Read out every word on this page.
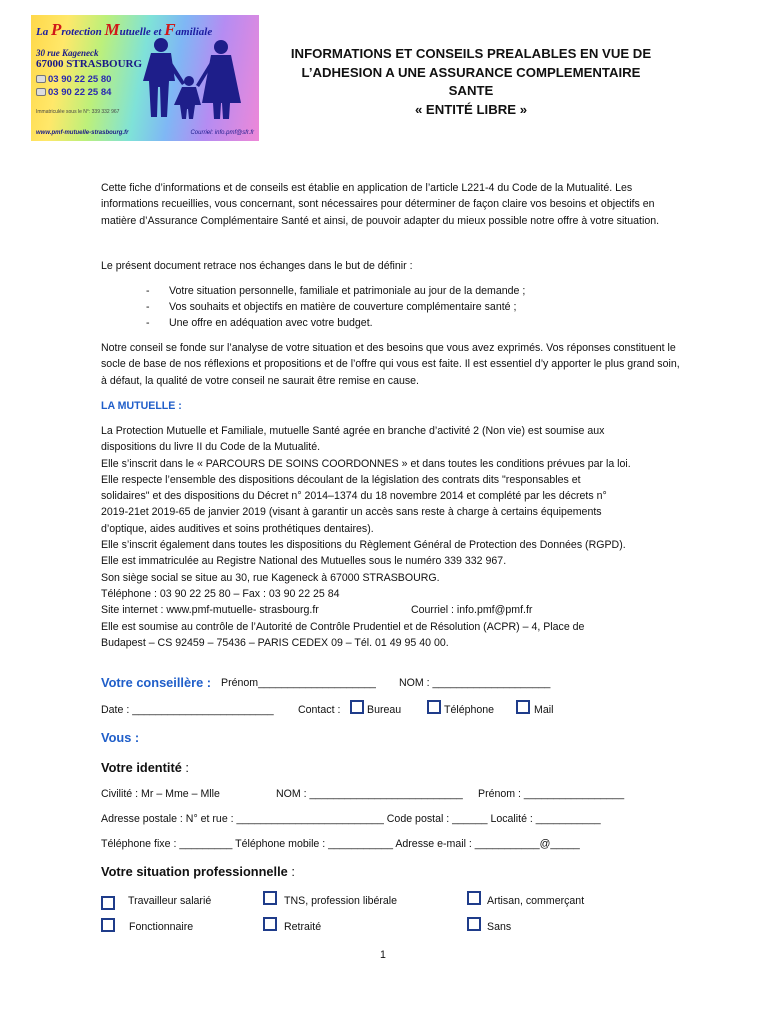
La Protection Mutuelle et Familiale
30 rue Kageneck
67000 STRASBOURG
03 90 22 25 80
03 90 22 25 84
Immatriculée sous le N°: 339 332 967
www.pmf-mutuelle-strasbourg.fr	Courriel: info.pmf@sfr.fr
INFORMATIONS ET CONSEILS PREALABLES EN VUE DE
L’ADHESION A UNE ASSURANCE COMPLEMENTAIRE
SANTE
« ENTITÉ LIBRE »
Cette fiche d’informations et de conseils est établie en application de l’article L221-4 du Code de la Mutualité. Les informations recueillies, vous concernant, sont nécessaires pour déterminer de façon claire vos besoins et objectifs en matière d’Assurance Complémentaire Santé et ainsi, de pouvoir adapter du mieux possible notre offre à votre situation.
Le présent document retrace nos échanges dans le but de définir :
- Votre situation personnelle, familiale et patrimoniale au jour de la demande ;
- Vos souhaits et objectifs en matière de couverture complémentaire santé ;
- Une offre en adéquation avec votre budget.
Notre conseil se fonde sur l’analyse de votre situation et des besoins que vous avez exprimés. Vos réponses constituent le socle de base de nos réflexions et propositions et de l’offre qui vous est faite. Il est essentiel d’y apporter le plus grand soin, à défaut, la qualité de votre conseil ne saurait être remise en cause.
LA MUTUELLE :
La Protection Mutuelle et Familiale, mutuelle Santé agrée en branche d’activité 2 (Non vie) est soumise aux
dispositions du livre II du Code de la Mutualité.
Elle s’inscrit dans le « PARCOURS DE SOINS COORDONNES » et dans toutes les conditions prévues par la loi.
Elle respecte l’ensemble des dispositions découlant de la législation des contrats dits "responsables et
solidaires" et des dispositions du Décret n° 2014–1374 du 18 novembre 2014 et complété par les décrets n°
2019-21et 2019-65 de janvier 2019 (visant à garantir un accès sans reste à charge à certains équipements
d’optique, aides auditives et soins prothétiques dentaires).
Elle s’inscrit également dans toutes les dispositions du Règlement Général de Protection des Données (RGPD).
Elle est immatriculée au Registre National des Mutuelles sous le numéro 339 332 967.
Son siège social se situe au 30, rue Kageneck à 67000 STRASBOURG.
Téléphone : 03 90 22 25 80 – Fax : 03 90 22 25 84
Site internet : www.pmf-mutuelle- strasbourg.fr	Courriel : info.pmf@pmf.fr
Elle est soumise au contrôle de l’Autorité de Contrôle Prudentiel et de Résolution (ACPR) – 4, Place de
Budapest – CS 92459 – 75436 – PARIS CEDEX 09 – Tél. 01 49 95 40 00.
Votre conseillère : Prénom____________________ NOM : ____________________
Date : ________________________ Contact :	Bureau	Téléphone	Mail
Vous :
Votre identité :
Civilité : Mr – Mme – Mlle	NOM : __________________________ Prénom : _________________
Adresse postale : N° et rue : _________________________ Code postal : ______ Localité : ___________
Téléphone fixe : _________ Téléphone mobile : ___________ Adresse e-mail : ___________@_____
Votre situation professionnelle :
Travailleur salarié	TNS, profession libérale	Artisan, commerçant
Fonctionnaire	Retraité	Sans
1
